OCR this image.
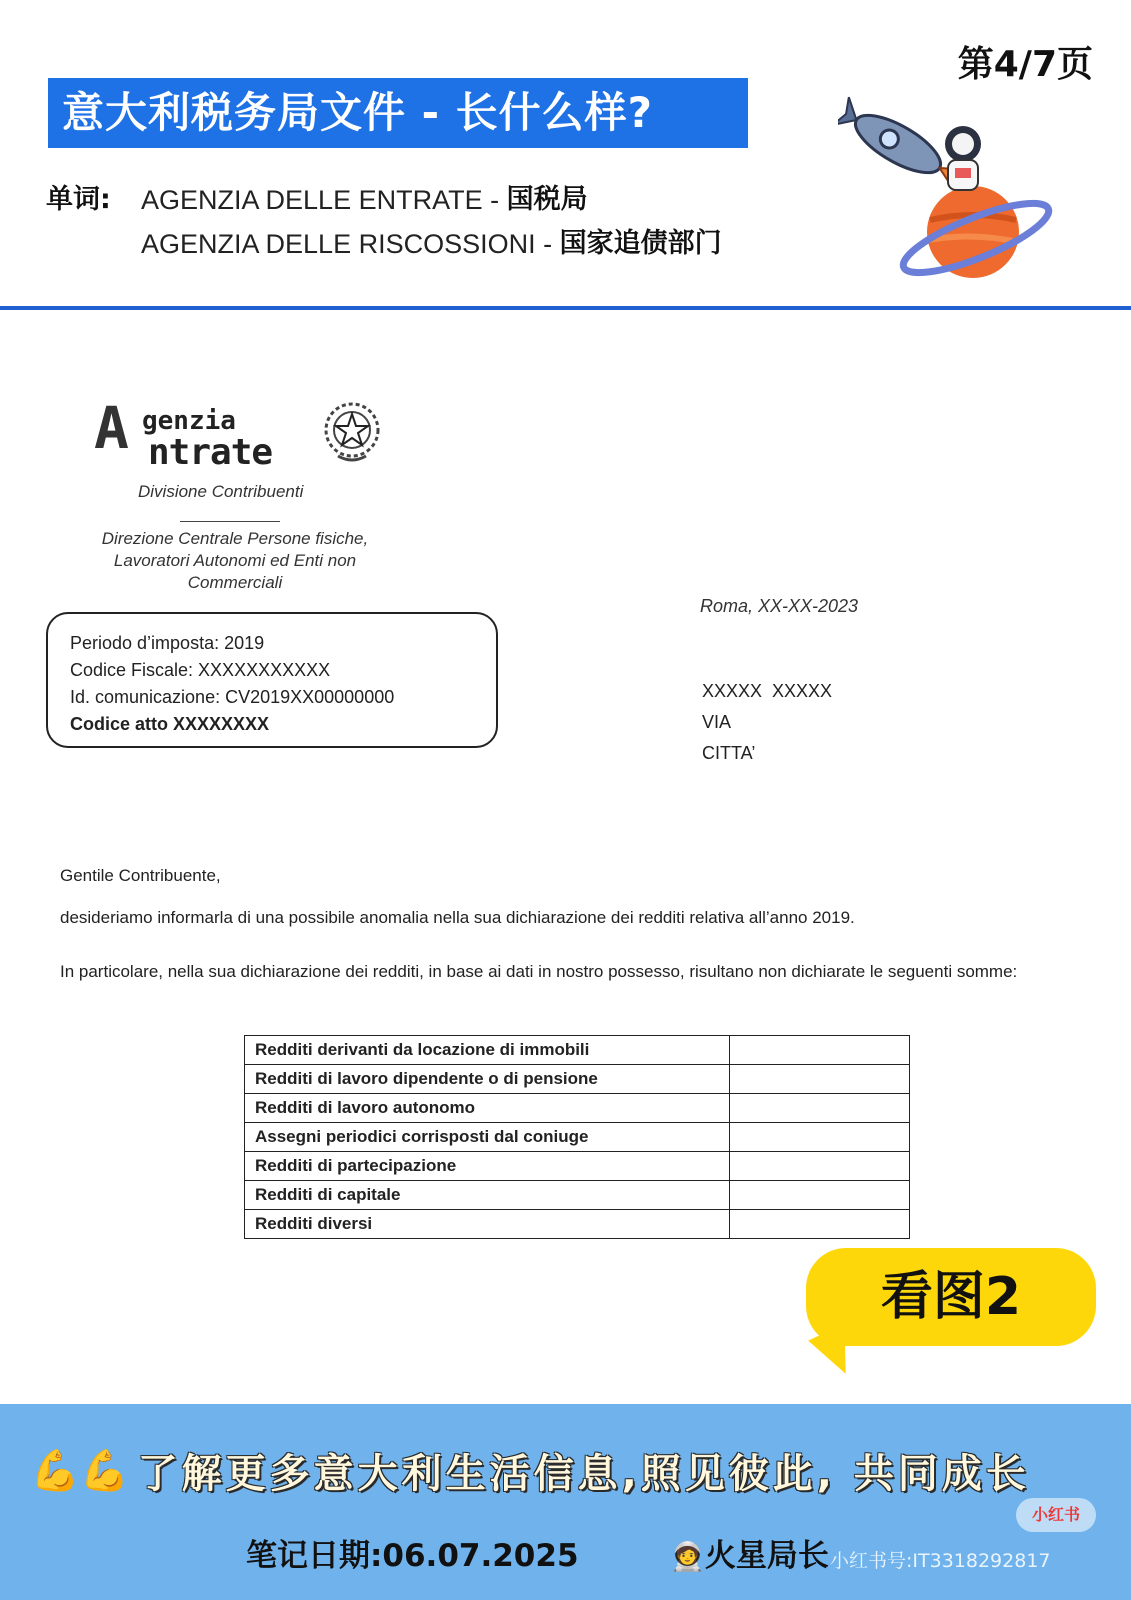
第4/7页
意大利税务局文件 - 长什么样?
单词:	AGENZIA DELLE ENTRATE - 国税局
AGENZIA DELLE RISCOSSIONI - 国家追债部门
A genzia
ntrate
Divisione Contribuenti
Direzione Centrale Persone fisiche,
Lavoratori Autonomi ed Enti non
Commerciali
Roma, XX-XX-2023
Periodo d’imposta: 2019
Codice Fiscale: XXXXXXXXXXX
Id. comunicazione: CV2019XX00000000
Codice atto XXXXXXXX
XXXXX  XXXXX
VIA
CITTA’
Gentile Contribuente,
desideriamo informarla di una possibile anomalia nella sua dichiarazione dei redditi relativa all’anno 2019.
In particolare, nella sua dichiarazione dei redditi, in base ai dati in nostro possesso, risultano non dichiarate le seguenti somme:
Redditi derivanti da locazione di immobili	
Redditi di lavoro dipendente o di pensione	
Redditi di lavoro autonomo	
Assegni periodici corrisposti dal coniuge	
Redditi di partecipazione	
Redditi di capitale	
Redditi diversi	
看图2
💪💪 了解更多意大利生活信息,照见彼此, 共同成长
笔记日期:06.07.2025	🧑‍🚀火星局长
小红书
小红书号:IT3318292817
